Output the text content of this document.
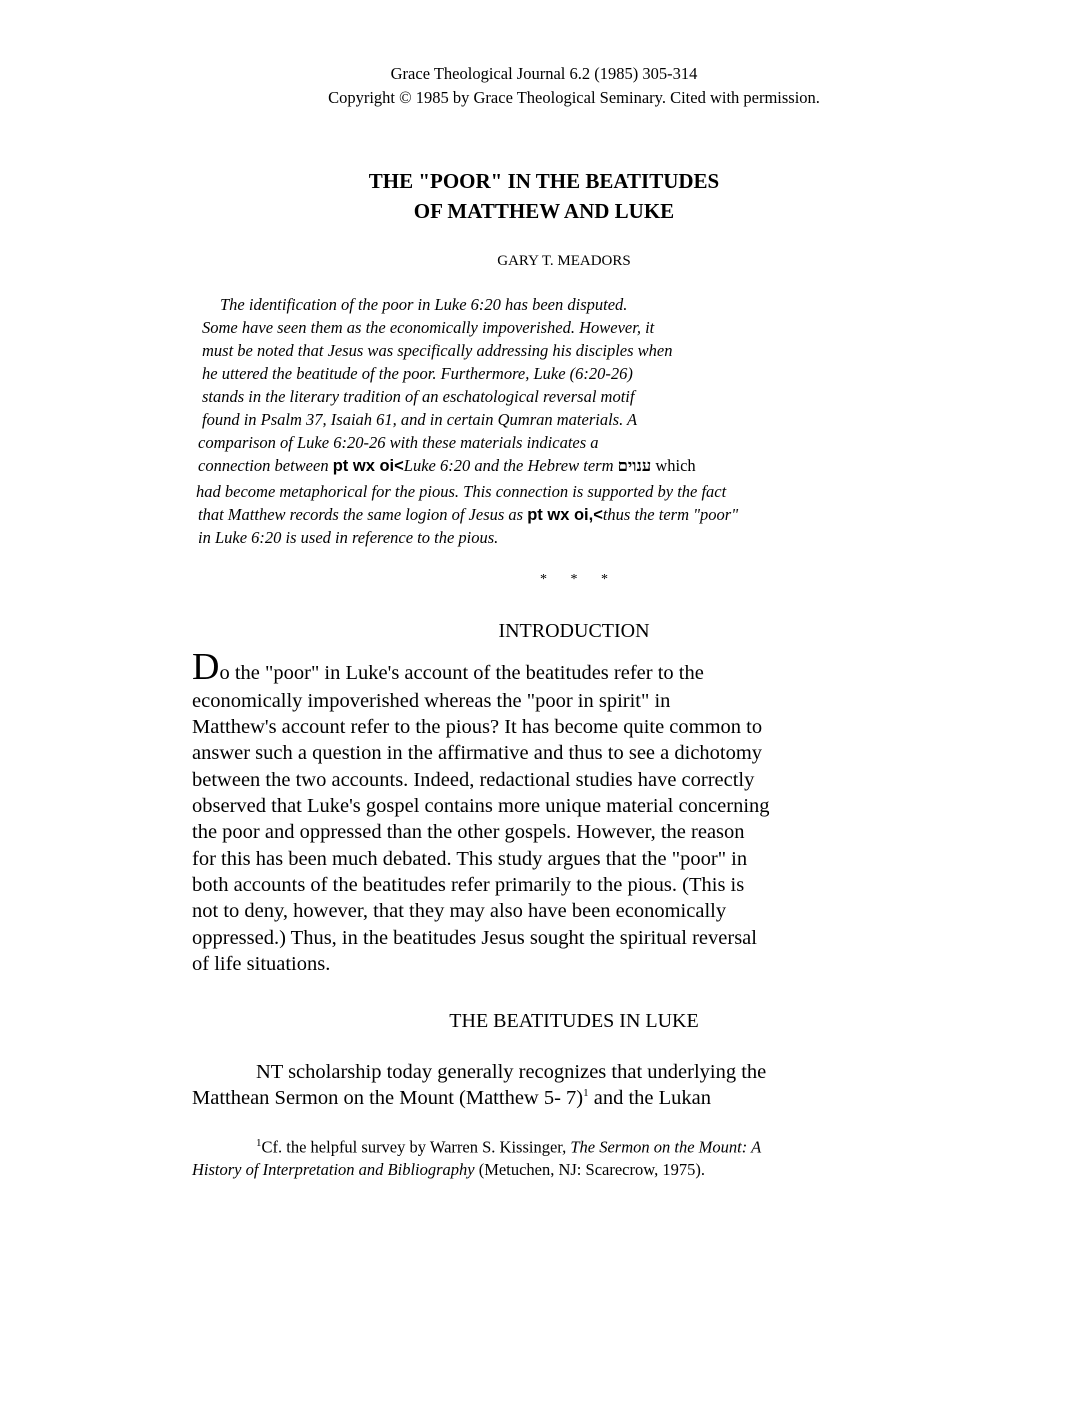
Grace Theological Journal 6.2 (1985) 305-314
Copyright © 1985 by Grace Theological Seminary. Cited with permission.
THE "POOR" IN THE BEATITUDES
OF MATTHEW AND LUKE
GARY T. MEADORS
The identification of the poor in Luke 6:20 has been disputed.
Some have seen them as the economically impoverished. However, it
must be noted that Jesus was specifically addressing his disciples when
he uttered the beatitude of the poor. Furthermore, Luke (6:20-26)
stands in the literary tradition of an eschatological reversal motif
found in Psalm 37, Isaiah 61, and in certain Qumran materials. A
comparison of Luke 6:20-26 with these materials indicates a
connection between pt wx oi<Luke 6:20 and the Hebrew term ענוים which
had become metaphorical for the pious. This connection is supported by the fact
that Matthew records the same logion of Jesus as pt wx oi,<thus the term "poor"
in Luke 6:20 is used in reference to the pious.
* * *
INTRODUCTION
Do the "poor" in Luke's account of the beatitudes refer to the
economically impoverished whereas the "poor in spirit" in
Matthew's account refer to the pious? It has become quite common to
answer such a question in the affirmative and thus to see a dichotomy
between the two accounts. Indeed, redactional studies have correctly
observed that Luke's gospel contains more unique material concerning
the poor and oppressed than the other gospels. However, the reason
for this has been much debated. This study argues that the "poor" in
both accounts of the beatitudes refer primarily to the pious. (This is
not to deny, however, that they may also have been economically
oppressed.) Thus, in the beatitudes Jesus sought the spiritual reversal
of life situations.
THE BEATITUDES IN LUKE
NT scholarship today generally recognizes that underlying the
Matthean Sermon on the Mount (Matthew 5- 7)$^1$ and the Lukan
$^1$Cf. the helpful survey by Warren S. Kissinger, The Sermon on the Mount: A
History of Interpretation and Bibliography (Metuchen, NJ: Scarecrow, 1975).
